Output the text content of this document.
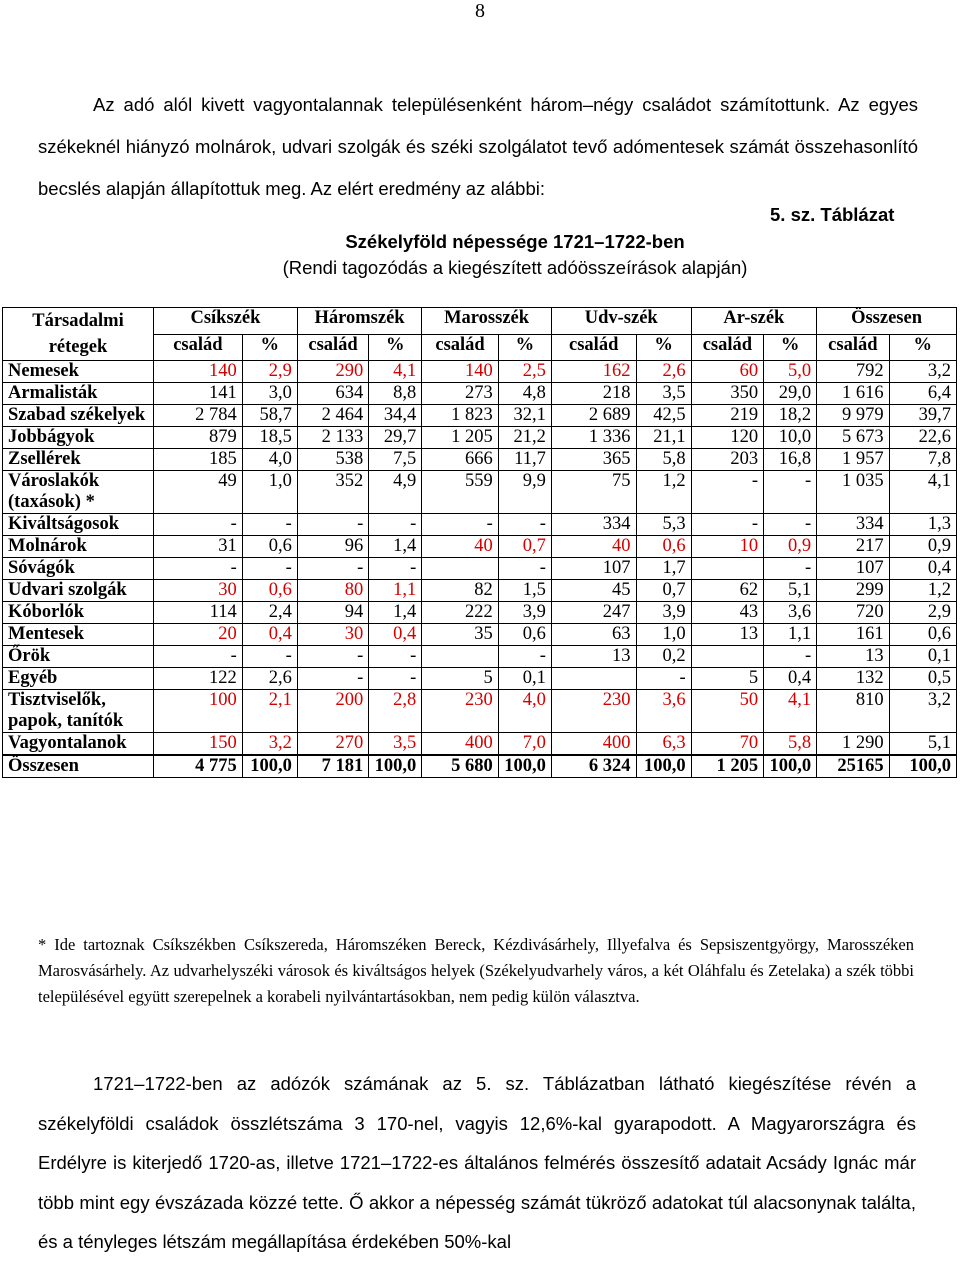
8

Az adó alól kivett vagyontalannak településenként három–négy családot számítottunk. Az egyes székeknél hiányzó molnárok, udvari szolgák és széki szolgálatot tevő adómentesek számát összehasonlító becslés alapján állapítottuk meg. Az elért eredmény az alábbi:

5. sz. Táblázat
Székelyföld népessége 1721–1722-ben
(Rendi tagozódás a kiegészített adóösszeírások alapján)
Társadalmi rétegek	Csíkszék		Háromszék		Marosszék		Udv-szék		Ar-szék		Összesen	
	család	%	család	%	család	%	család	%	család	%	család	%
Nemesek	140	2,9	290	4,1	140	2,5	162	2,6	60	5,0	792	3,2
Armalisták	141	3,0	634	8,8	273	4,8	218	3,5	350	29,0	1 616	6,4
Szabad székelyek	2 784	58,7	2 464	34,4	1 823	32,1	2 689	42,5	219	18,2	9 979	39,7
Jobbágyok	879	18,5	2 133	29,7	1 205	21,2	1 336	21,1	120	10,0	5 673	22,6
Zsellérek	185	4,0	538	7,5	666	11,7	365	5,8	203	16,8	1 957	7,8
Városlakók (taxások) *	49	1,0	352	4,9	559	9,9	75	1,2	-	-	1 035	4,1
Kiváltságosok	-	-	-	-	-	-	334	5,3	-	-	334	1,3
Molnárok	31	0,6	96	1,4	40	0,7	40	0,6	10	0,9	217	0,9
Sóvágók	-	-	-	-		-	107	1,7		-	107	0,4
Udvari szolgák	30	0,6	80	1,1	82	1,5	45	0,7	62	5,1	299	1,2
Kóborlók	114	2,4	94	1,4	222	3,9	247	3,9	43	3,6	720	2,9
Mentesek	20	0,4	30	0,4	35	0,6	63	1,0	13	1,1	161	0,6
Őrök	-	-	-	-		-	13	0,2		-	13	0,1
Egyéb	122	2,6	-	-	5	0,1		-	5	0,4	132	0,5
Tisztviselők, papok, tanítók	100	2,1	200	2,8	230	4,0	230	3,6	50	4,1	810	3,2
Vagyontalanok	150	3,2	270	3,5	400	7,0	400	6,3	70	5,8	1 290	5,1
Összesen	4 775	100,0	7 181	100,0	5 680	100,0	6 324	100,0	1 205	100,0	25165	100,0

* Ide tartoznak Csíkszékben Csíkszereda, Háromszéken Bereck, Kézdivásárhely, Illyefalva és Sepsiszentgyörgy, Marosszéken Marosvásárhely. Az udvarhelyszéki városok és kiváltságos helyek (Székelyudvarhely város, a két Oláhfalu és Zetelaka) a szék többi településével együtt szerepelnek a korabeli nyilvántartásokban, nem pedig külön választva.

1721–1722-ben az adózók számának az 5. sz. Táblázatban látható kiegészítése révén a székelyföldi családok összlétszáma 3 170-nel, vagyis 12,6%-kal gyarapodott. A Magyarországra és Erdélyre is kiterjedő 1720-as, illetve 1721–1722-es általános felmérés összesítő adatait Acsády Ignác már több mint egy évszázada közzé tette. Ő akkor a népesség számát tükröző adatokat túl alacsonynak találta, és a tényleges létszám megállapítása érdekében 50%-kal
